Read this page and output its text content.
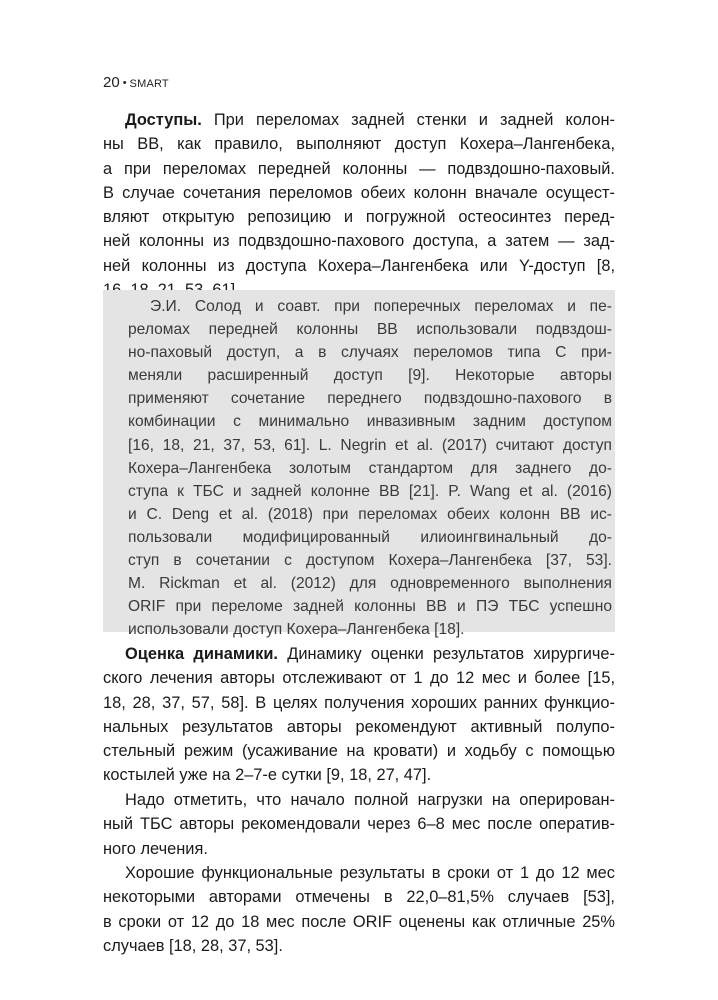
20 • SMART
Доступы. При переломах задней стенки и задней колон-
ны ВВ, как правило, выполняют доступ Кохера–Лангенбека,
а при переломах передней колонны — подвздошно-паховый.
В случае сочетания переломов обеих колонн вначале осущест-
вляют открытую репозицию и погружной остеосинтез перед-
ней колонны из подвздошно-пахового доступа, а затем — зад-
ней колонны из доступа Кохера–Лангенбека или Y-доступ [8,
Э.И. Солод и соавт. при поперечных переломах и пе-
реломах передней колонны ВВ использовали подвздош-
но-паховый доступ, а в случаях переломов типа С при-
меняли расширенный доступ [9]. Некоторые авторы
применяют сочетание переднего подвздошно-пахового в
комбинации с минимально инвазивным задним доступом
[16, 18, 21, 37, 53, 61]. L. Negrin et al. (2017) считают доступ
Кохера–Лангенбека золотым стандартом для заднего до-
ступа к ТБС и задней колонне ВВ [21]. P. Wang et al. (2016)
и C. Deng et al. (2018) при переломах обеих колонн ВВ ис-
пользовали модифицированный илиоингвинальный до-
ступ в сочетании с доступом Кохера–Лангенбека [37, 53].
M. Rickman et al. (2012) для одновременного выполнения
ORIF при переломе задней колонны ВВ и ПЭ ТБС успешно
использовали доступ Кохера–Лангенбека [18].
Оценка динамики. Динамику оценки результатов хирургиче-
ского лечения авторы отслеживают от 1 до 12 мес и более [15,
18, 28, 37, 57, 58]. В целях получения хороших ранних функцио-
нальных результатов авторы рекомендуют активный полупо-
стельный режим (усаживание на кровати) и ходьбу с помощью
костылей уже на 2–7-е сутки [9, 18, 27, 47].
Надо отметить, что начало полной нагрузки на оперирован-
ный ТБС авторы рекомендовали через 6–8 мес после оператив-
ного лечения.
Хорошие функциональные результаты в сроки от 1 до 12 мес
некоторыми авторами отмечены в 22,0–81,5% случаев [53],
в сроки от 12 до 18 мес после ORIF оценены как отличные 25%
случаев [18, 28, 37, 53].
